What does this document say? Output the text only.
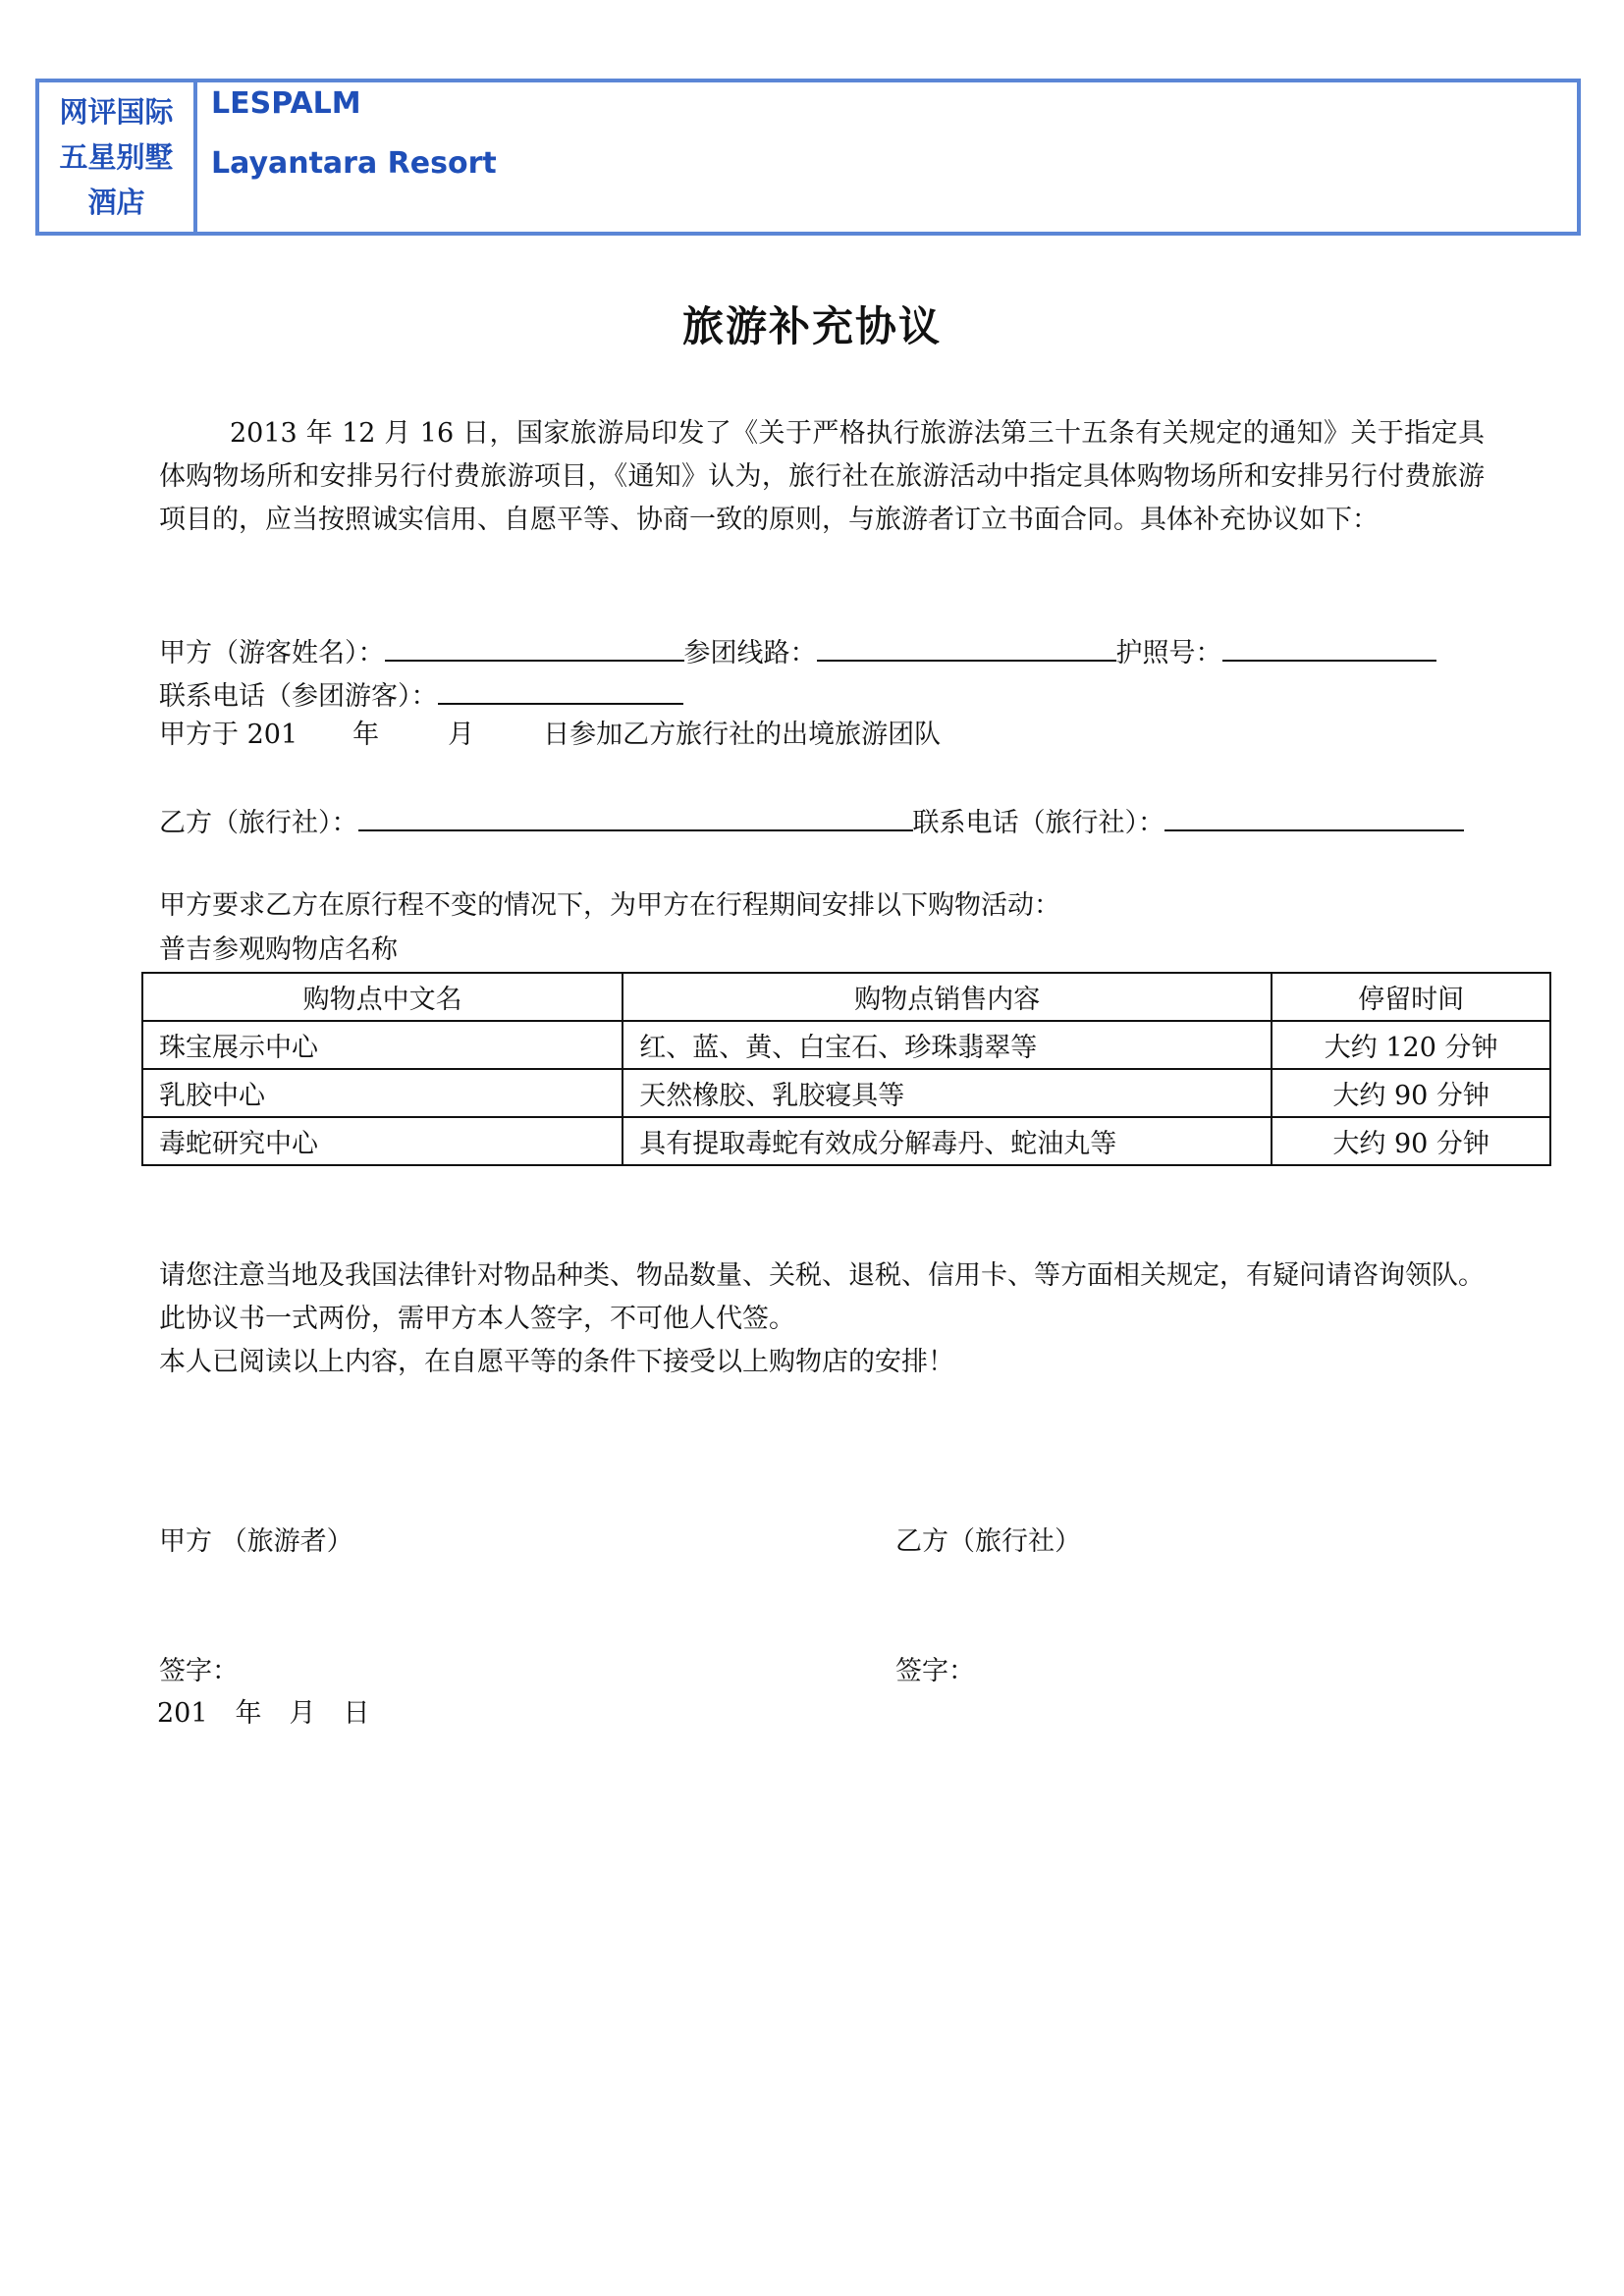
网评国际
五星别墅
酒店
LESPALM
Layantara Resort
旅游补充协议
2013 年 12 月 16 日，国家旅游局印发了《关于严格执行旅游法第三十五条有关规定的通知》关于指定具体购物场所和安排另行付费旅游项目，《通知》认为，旅行社在旅游活动中指定具体购物场所和安排另行付费旅游项目的，应当按照诚实信用、自愿平等、协商一致的原则，与旅游者订立书面合同。具体补充协议如下：
甲方（游客姓名）：	参团线路：	护照号：
联系电话（参团游客）：
甲方于 201 年	月	日参加乙方旅行社的出境旅游团队
乙方（旅行社）：	联系电话（旅行社）：
甲方要求乙方在原行程不变的情况下，为甲方在行程期间安排以下购物活动：
普吉参观购物店名称
购物点中文名	购物点销售内容	停留时间
珠宝展示中心	红、蓝、黄、白宝石、珍珠翡翠等	大约 120 分钟
乳胶中心	天然橡胶、乳胶寝具等	大约 90 分钟
毒蛇研究中心	具有提取毒蛇有效成分解毒丹、蛇油丸等	大约 90 分钟
请您注意当地及我国法律针对物品种类、物品数量、关税、退税、信用卡、等方面相关规定，有疑问请咨询领队。
此协议书一式两份，需甲方本人签字，不可他人代签。
本人已阅读以上内容，在自愿平等的条件下接受以上购物店的安排！
甲方 （旅游者）	乙方（旅行社）
签字：	签字：
201 年 月 日
